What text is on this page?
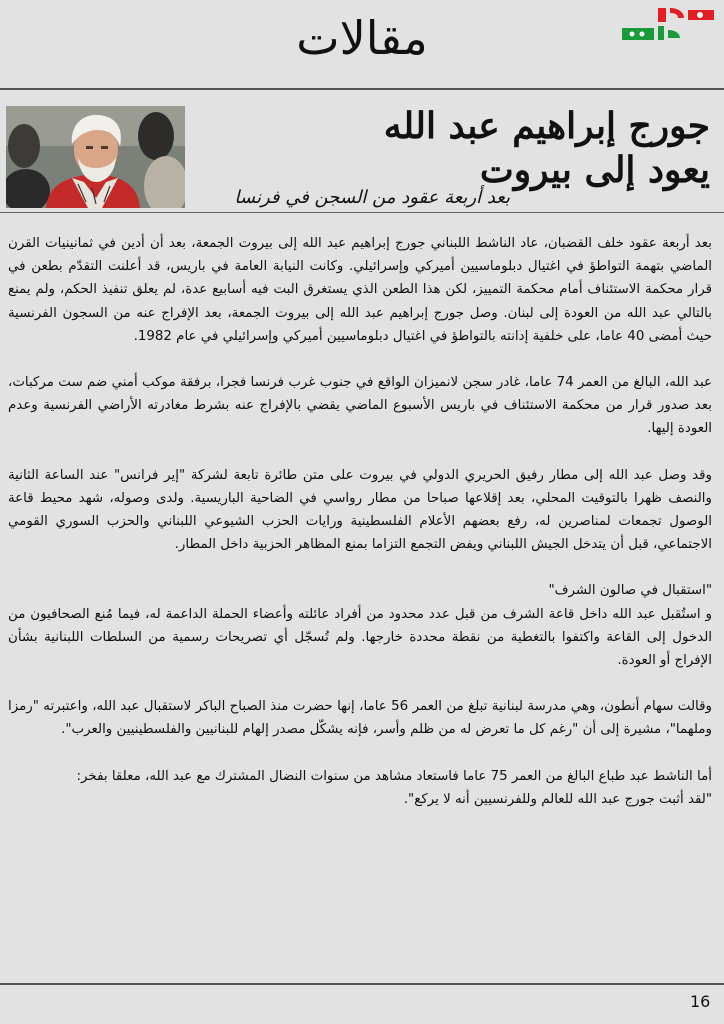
مقالات
جورج إبراهيم عبد الله
يعود إلى بيروت
بعد أربعة عقود من السجن في فرنسا

بعد أربعة عقود خلف القضبان، عاد الناشط اللبناني جورج إبراهيم عبد الله إلى بيروت الجمعة، بعد أن أدين في ثمانينيات القرن الماضي بتهمة التواطؤ في اغتيال دبلوماسيين أميركي وإسرائيلي. وكانت النيابة العامة في باريس، قد أعلنت التقدّم بطعن في قرار محكمة الاستئناف أمام محكمة التمييز، لكن هذا الطعن الذي يستغرق البت فيه أسابيع عدة، لم يعلق تنفيذ الحكم، ولم يمنع بالتالي عبد الله من العودة إلى لبنان. وصل جورج إبراهيم عبد الله إلى بيروت الجمعة، بعد الإفراج عنه من السجون الفرنسية حيث أمضى 40 عاما، على خلفية إدانته بالتواطؤ في اغتيال دبلوماسيين أميركي وإسرائيلي في عام 1982.

عبد الله، البالغ من العمر 74 عاما، غادر سجن لانميزان الواقع في جنوب غرب فرنسا فجرا، برفقة موكب أمني ضم ست مركبات، بعد صدور قرار من محكمة الاستئناف في باريس الأسبوع الماضي يقضي بالإفراج عنه بشرط مغادرته الأراضي الفرنسية وعدم العودة إليها.

وقد وصل عبد الله إلى مطار رفيق الحريري الدولي في بيروت على متن طائرة تابعة لشركة "إير فرانس" عند الساعة الثانية والنصف ظهرا بالتوقيت المحلي، بعد إقلاعها صباحا من مطار رواسي في الضاحية الباريسية. ولدى وصوله، شهد محيط قاعة الوصول تجمعات لمناصرين له، رفع بعضهم الأعلام الفلسطينية ورايات الحزب الشيوعي اللبناني والحزب السوري القومي الاجتماعي، قبل أن يتدخل الجيش اللبناني ويفض التجمع التزاما بمنع المظاهر الحزبية داخل المطار.

"استقبال في صالون الشرف"
و استُقبل عبد الله داخل قاعة الشرف من قبل عدد محدود من أفراد عائلته وأعضاء الحملة الداعمة له، فيما مُنع الصحافيون من الدخول إلى القاعة واكتفوا بالتغطية من نقطة محددة خارجها. ولم تُسجّل أي تصريحات رسمية من السلطات اللبنانية بشأن الإفراج أو العودة.

وقالت سهام أنطون، وهي مدرسة لبنانية تبلغ من العمر 56 عاما، إنها حضرت منذ الصباح الباكر لاستقبال عبد الله، واعتبرته "رمزا وملهما"، مشيرة إلى أن "رغم كل ما تعرض له من ظلم وأسر، فإنه يشكّل مصدر إلهام للبنانيين والفلسطينيين والعرب".

أما الناشط عبد طباع البالغ من العمر 75 عاما فاستعاد مشاهد من سنوات النضال المشترك مع عبد الله، معلقا بفخر:
"لقد أثبت جورج عبد الله للعالم وللفرنسيين أنه لا يركع".

16
